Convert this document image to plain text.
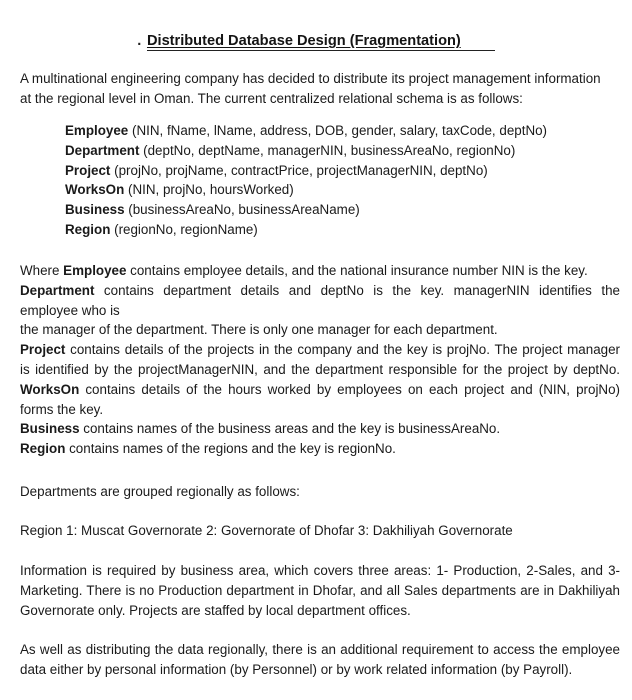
. Distributed Database Design (Fragmentation)

A multinational engineering company has decided to distribute its project management information
at the regional level in Oman. The current centralized relational schema is as follows:

Employee (NIN, fName, lName, address, DOB, gender, salary, taxCode, deptNo)
Department (deptNo, deptName, managerNIN, businessAreaNo, regionNo)
Project (projNo, projName, contractPrice, projectManagerNIN, deptNo)
WorksOn (NIN, projNo, hoursWorked)
Business (businessAreaNo, businessAreaName)
Region (regionNo, regionName)
Where Employee contains employee details, and the national insurance number NIN is the key.
Department contains department details and deptNo is the key. managerNIN identifies the
employee who is
the manager of the department. There is only one manager for each department.
Project contains details of the projects in the company and the key is projNo. The project manager
is identified by the projectManagerNIN, and the department responsible for the project by deptNo.
WorksOn contains details of the hours worked by employees on each project and (NIN, projNo)
forms the key.
Business contains names of the business areas and the key is businessAreaNo.
Region contains names of the regions and the key is regionNo.

Departments are grouped regionally as follows:

Region 1: Muscat Governorate 2: Governorate of Dhofar 3: Dakhiliyah Governorate

Information is required by business area, which covers three areas: 1- Production, 2-Sales, and 3-
Marketing. There is no Production department in Dhofar, and all Sales departments are in Dakhiliyah
Governorate only. Projects are staffed by local department offices.
As well as distributing the data regionally, there is an additional requirement to access the employee
data either by personal information (by Personnel) or by work related information (by Payroll).
